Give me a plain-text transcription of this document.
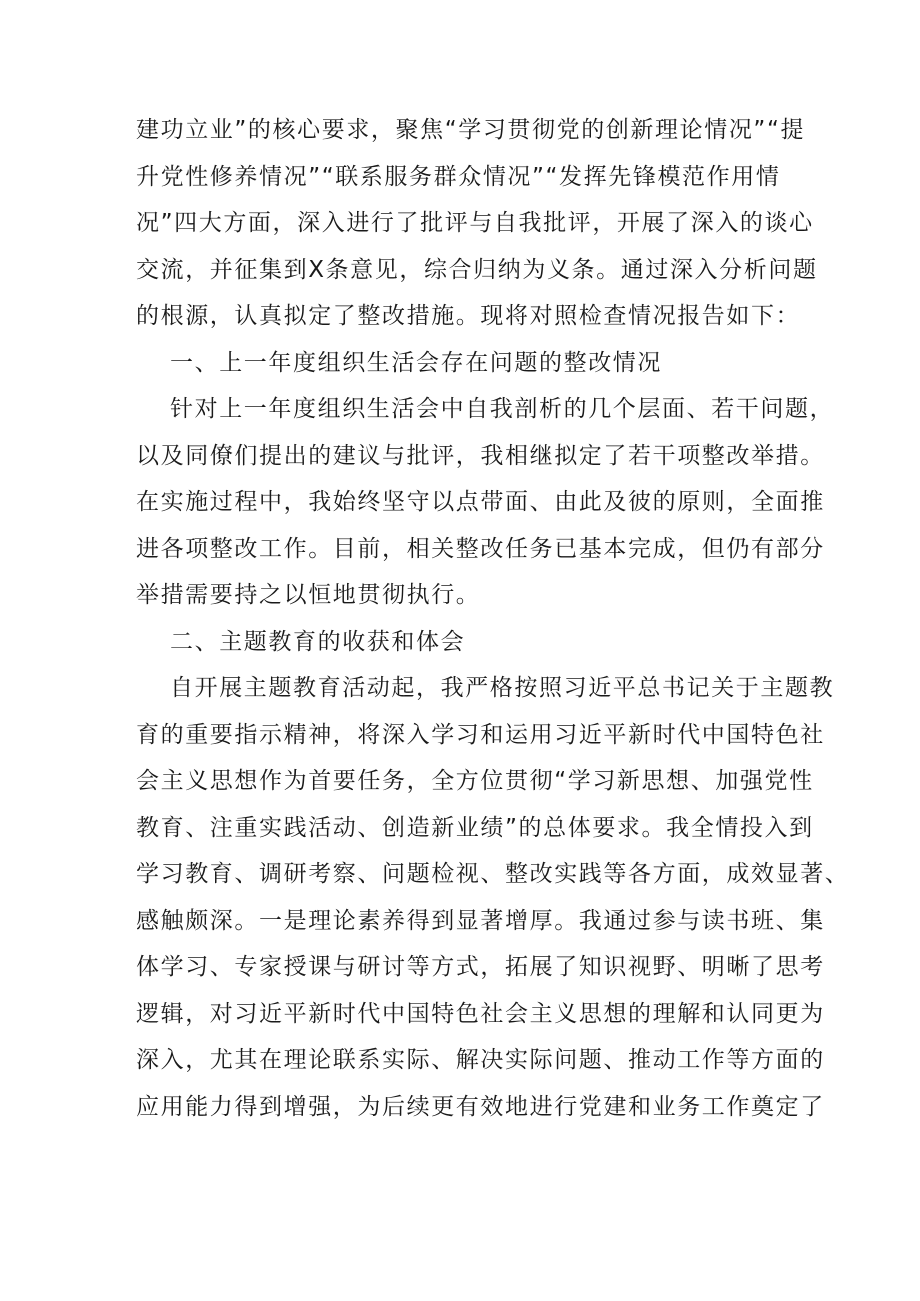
建功立业”的核心要求，聚焦“学习贯彻党的创新理论情况”“提
升党性修养情况”“联系服务群众情况”“发挥先锋模范作用情
况”四大方面，深入进行了批评与自我批评，开展了深入的谈心
交流，并征集到X条意见，综合归纳为义条。通过深入分析问题
的根源，认真拟定了整改措施。现将对照检查情况报告如下：
一、上一年度组织生活会存在问题的整改情况
针对上一年度组织生活会中自我剖析的几个层面、若干问题，
以及同僚们提出的建议与批评，我相继拟定了若干项整改举措。
在实施过程中，我始终坚守以点带面、由此及彼的原则，全面推
进各项整改工作。目前，相关整改任务已基本完成，但仍有部分
举措需要持之以恒地贯彻执行。
二、主题教育的收获和体会
自开展主题教育活动起，我严格按照习近平总书记关于主题教
育的重要指示精神，将深入学习和运用习近平新时代中国特色社
会主义思想作为首要任务，全方位贯彻“学习新思想、加强党性
教育、注重实践活动、创造新业绩”的总体要求。我全情投入到
学习教育、调研考察、问题检视、整改实践等各方面，成效显著、
感触颇深。一是理论素养得到显著增厚。我通过参与读书班、集
体学习、专家授课与研讨等方式，拓展了知识视野、明晰了思考
逻辑，对习近平新时代中国特色社会主义思想的理解和认同更为
深入，尤其在理论联系实际、解决实际问题、推动工作等方面的
应用能力得到增强，为后续更有效地进行党建和业务工作奠定了
